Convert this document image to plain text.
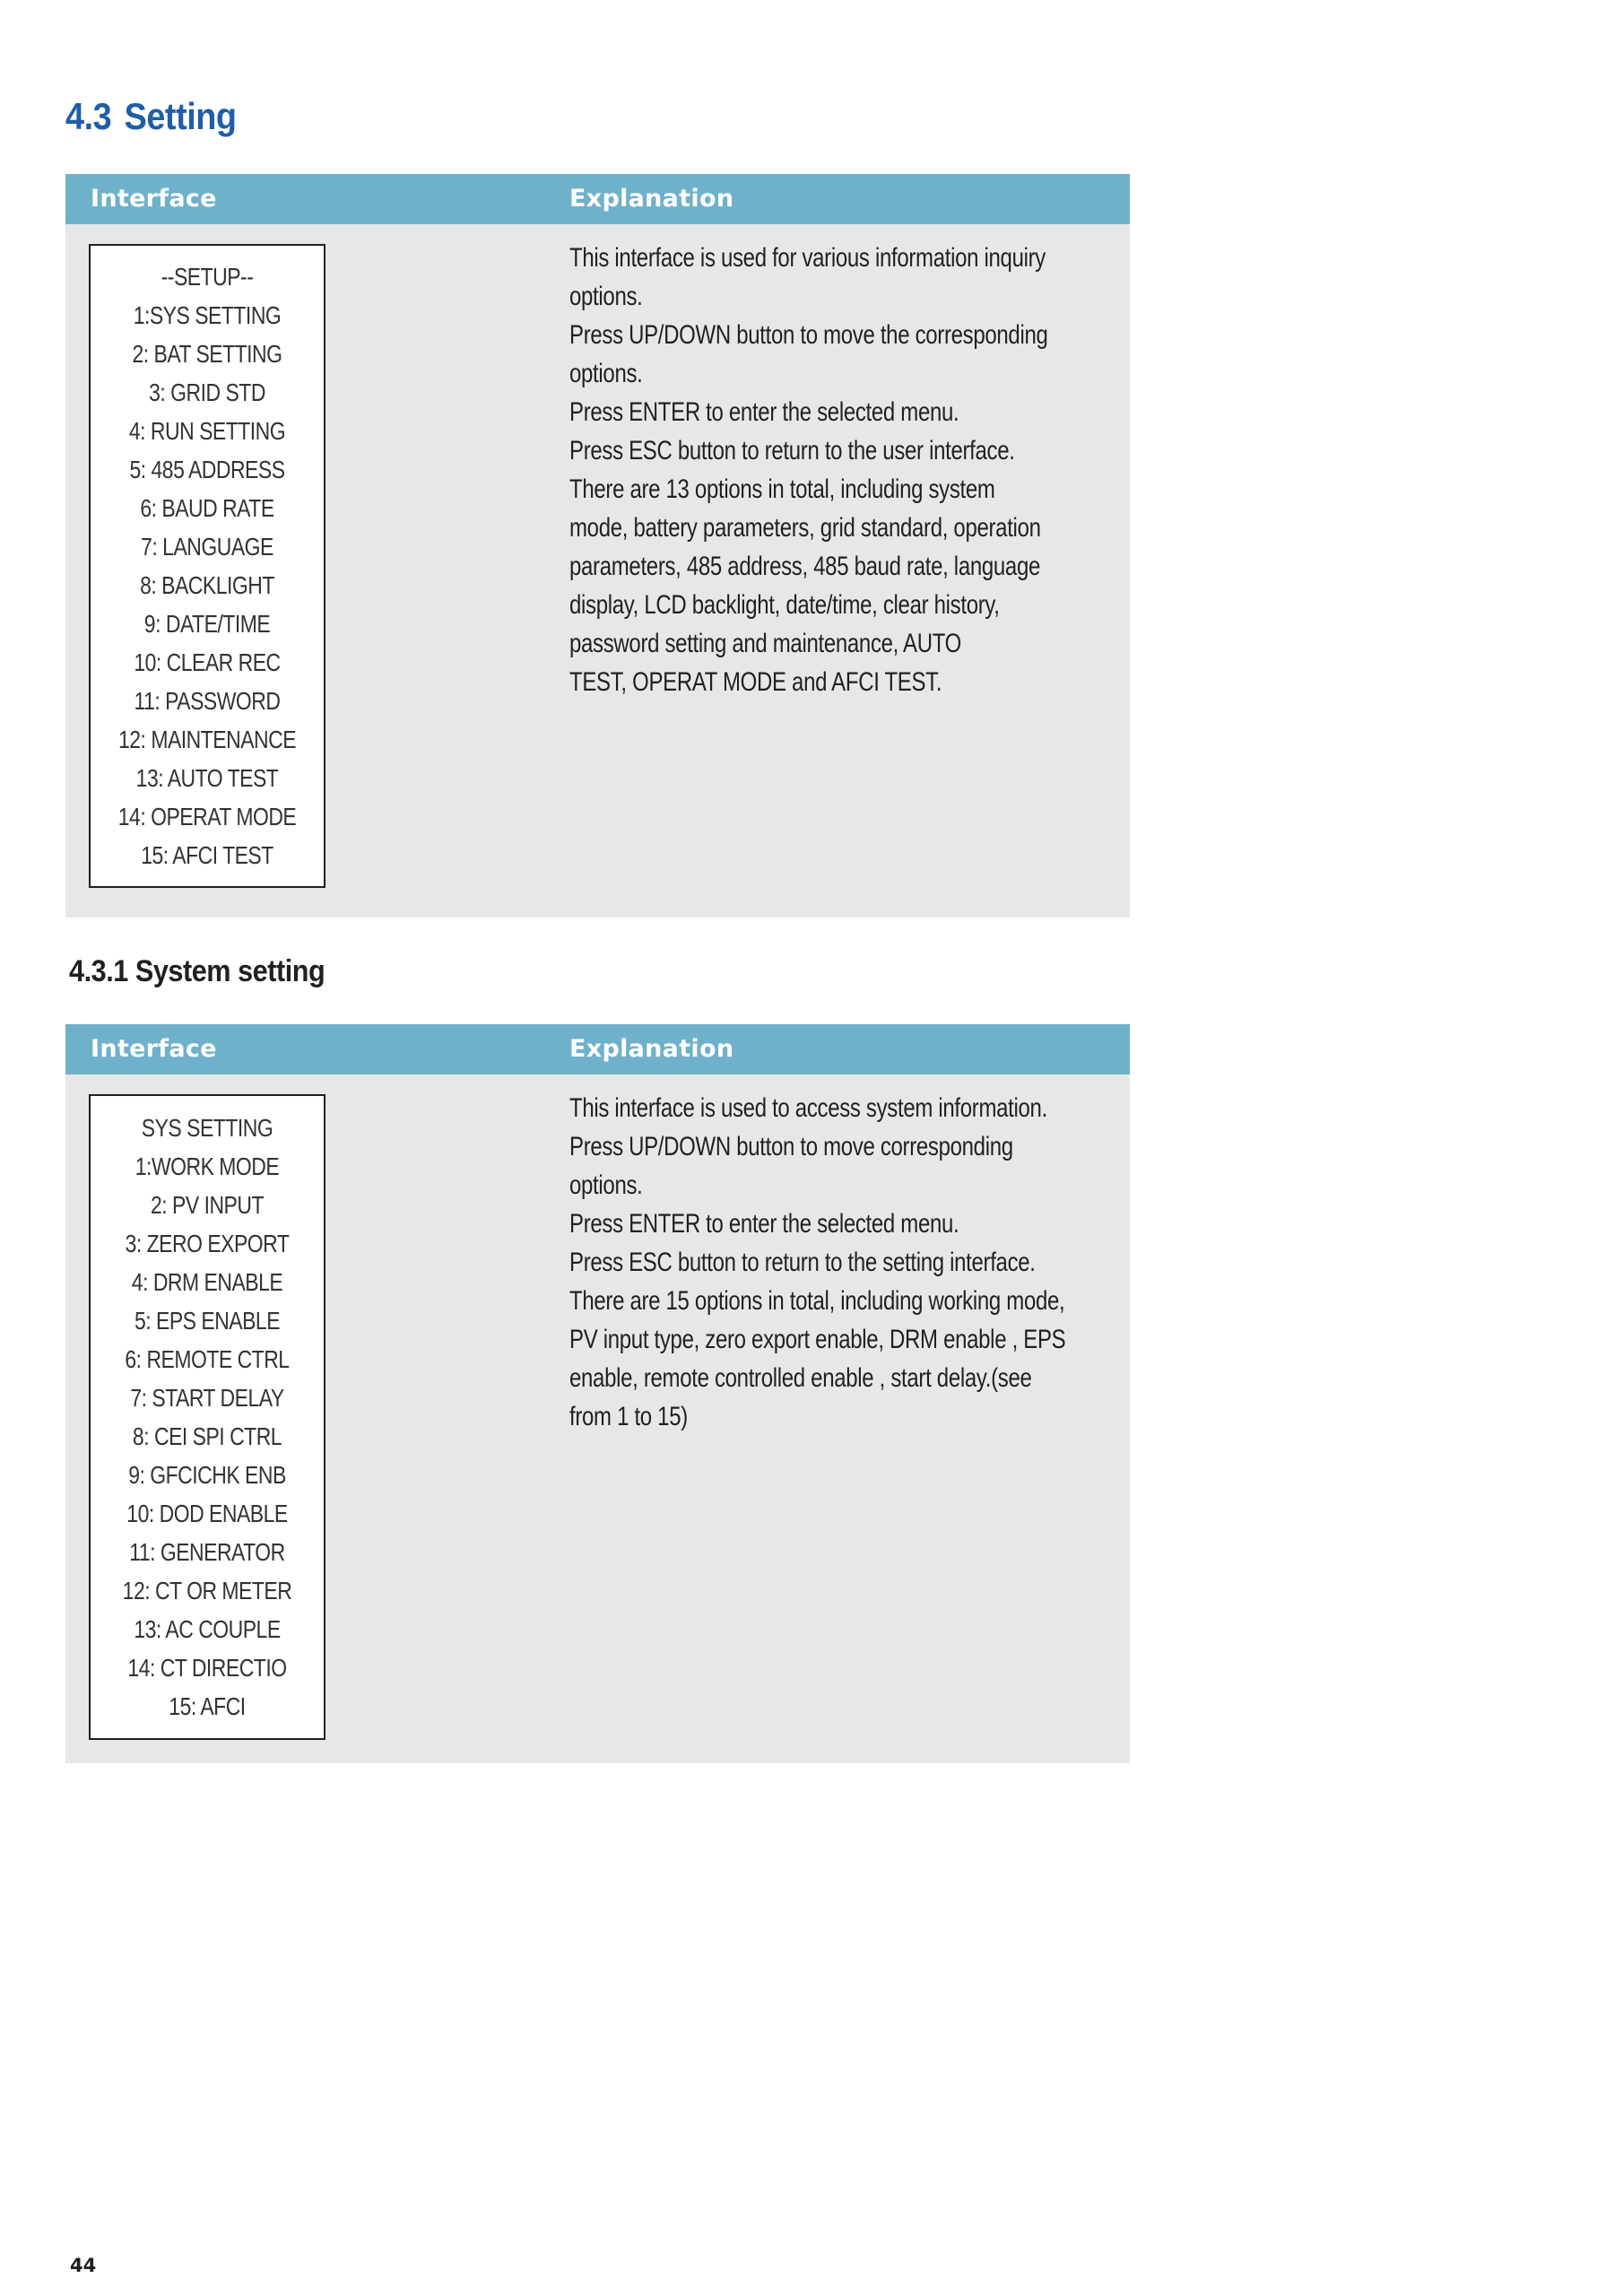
4.3 Setting
Interface	Explanation
--SETUP--
1:SYS SETTING
2: BAT SETTING
3: GRID STD
4: RUN SETTING
5: 485 ADDRESS
6: BAUD RATE
7: LANGUAGE
8: BACKLIGHT
9: DATE/TIME
10: CLEAR REC
11: PASSWORD
12: MAINTENANCE
13: AUTO TEST
14: OPERAT MODE
15: AFCI TEST
This interface is used for various information inquiry
options.
Press UP/DOWN button to move the corresponding
options.
Press ENTER to enter the selected menu.
Press ESC button to return to the user interface.
There are 13 options in total, including system
mode, battery parameters, grid standard, operation
parameters, 485 address, 485 baud rate, language
display, LCD backlight, date/time, clear history,
password setting and maintenance, AUTO
TEST, OPERAT MODE and AFCI TEST.
4.3.1 System setting
Interface	Explanation
SYS SETTING
1:WORK MODE
2: PV INPUT
3: ZERO EXPORT
4: DRM ENABLE
5: EPS ENABLE
6: REMOTE CTRL
7: START DELAY
8: CEI SPI CTRL
9: GFCICHK ENB
10: DOD ENABLE
11: GENERATOR
12: CT OR METER
13: AC COUPLE
14: CT DIRECTIO
15: AFCI
This interface is used to access system information.
Press UP/DOWN button to move corresponding
options.
Press ENTER to enter the selected menu.
Press ESC button to return to the setting interface.
There are 15 options in total, including working mode,
PV input type, zero export enable, DRM enable , EPS
enable, remote controlled enable , start delay.(see
from 1 to 15)
44
